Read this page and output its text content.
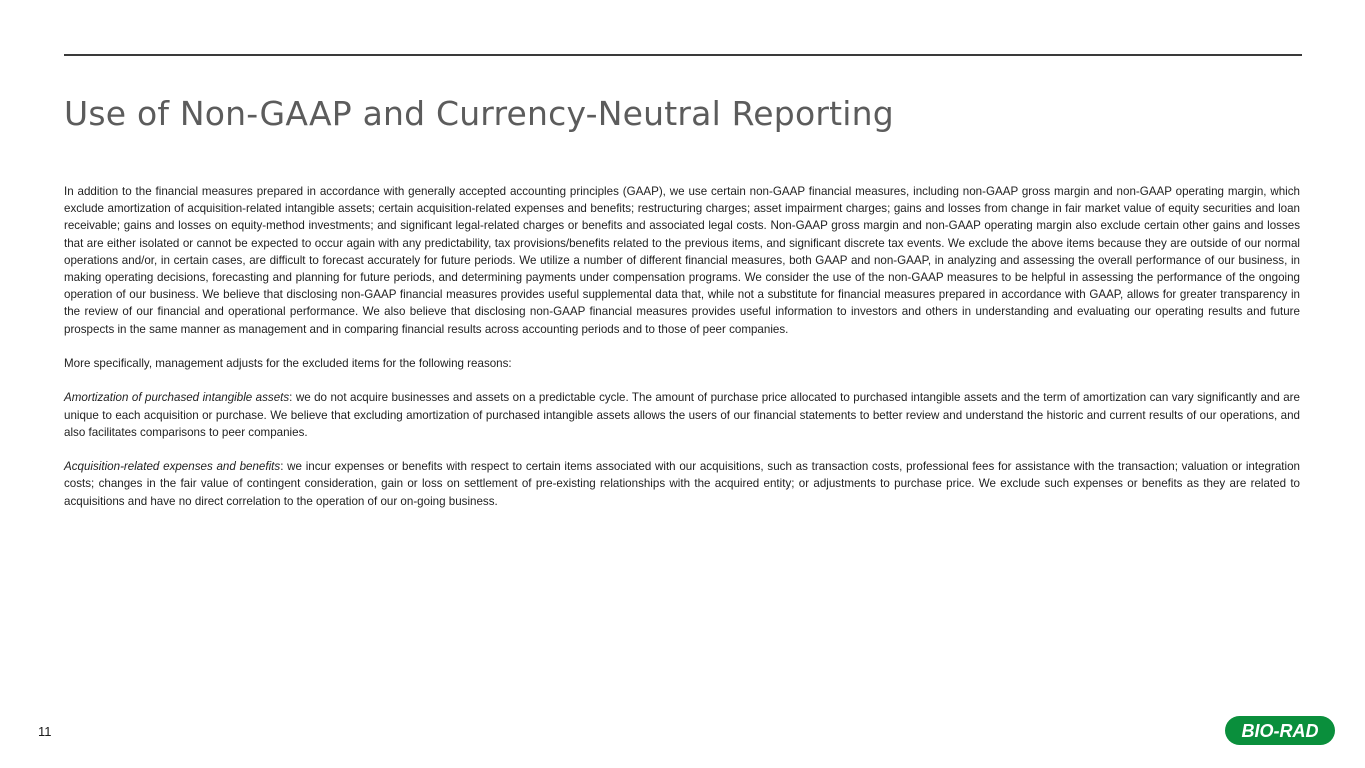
Use of Non-GAAP and Currency-Neutral Reporting

In addition to the financial measures prepared in accordance with generally accepted accounting principles (GAAP), we use certain non-GAAP financial measures, including non-GAAP gross margin and non-GAAP operating margin, which exclude amortization of acquisition-related intangible assets; certain acquisition-related expenses and benefits; restructuring charges; asset impairment charges; gains and losses from change in fair market value of equity securities and loan receivable; gains and losses on equity-method investments; and significant legal-related charges or benefits and associated legal costs. Non-GAAP gross margin and non-GAAP operating margin also exclude certain other gains and losses that are either isolated or cannot be expected to occur again with any predictability, tax provisions/benefits related to the previous items, and significant discrete tax events. We exclude the above items because they are outside of our normal operations and/or, in certain cases, are difficult to forecast accurately for future periods. We utilize a number of different financial measures, both GAAP and non-GAAP, in analyzing and assessing the overall performance of our business, in making operating decisions, forecasting and planning for future periods, and determining payments under compensation programs. We consider the use of the non-GAAP measures to be helpful in assessing the performance of the ongoing operation of our business. We believe that disclosing non-GAAP financial measures provides useful supplemental data that, while not a substitute for financial measures prepared in accordance with GAAP, allows for greater transparency in the review of our financial and operational performance. We also believe that disclosing non-GAAP financial measures provides useful information to investors and others in understanding and evaluating our operating results and future prospects in the same manner as management and in comparing financial results across accounting periods and to those of peer companies.

More specifically, management adjusts for the excluded items for the following reasons:

Amortization of purchased intangible assets: we do not acquire businesses and assets on a predictable cycle. The amount of purchase price allocated to purchased intangible assets and the term of amortization can vary significantly and are unique to each acquisition or purchase. We believe that excluding amortization of purchased intangible assets allows the users of our financial statements to better review and understand the historic and current results of our operations, and also facilitates comparisons to peer companies.

Acquisition-related expenses and benefits: we incur expenses or benefits with respect to certain items associated with our acquisitions, such as transaction costs, professional fees for assistance with the transaction; valuation or integration costs; changes in the fair value of contingent consideration, gain or loss on settlement of pre-existing relationships with the acquired entity; or adjustments to purchase price. We exclude such expenses or benefits as they are related to acquisitions and have no direct correlation to the operation of our on-going business.

11	BIO-RAD
